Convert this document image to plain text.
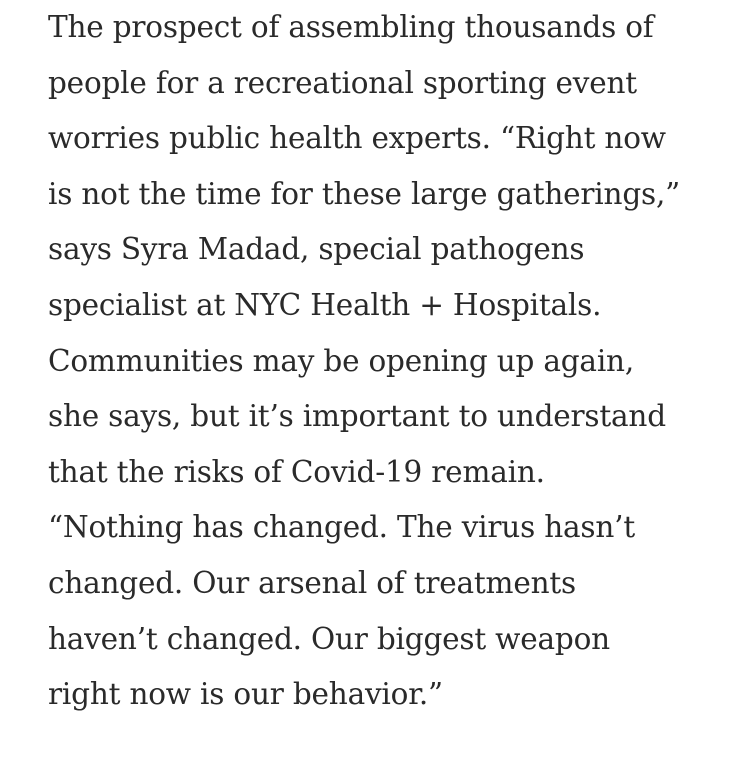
The prospect of assembling thousands of
people for a recreational sporting event
worries public health experts. “Right now
is not the time for these large gatherings,”
says Syra Madad, special pathogens
specialist at NYC Health + Hospitals.
Communities may be opening up again,
she says, but it’s important to understand
that the risks of Covid-19 remain.
“Nothing has changed. The virus hasn’t
changed. Our arsenal of treatments
haven’t changed. Our biggest weapon
right now is our behavior.”
